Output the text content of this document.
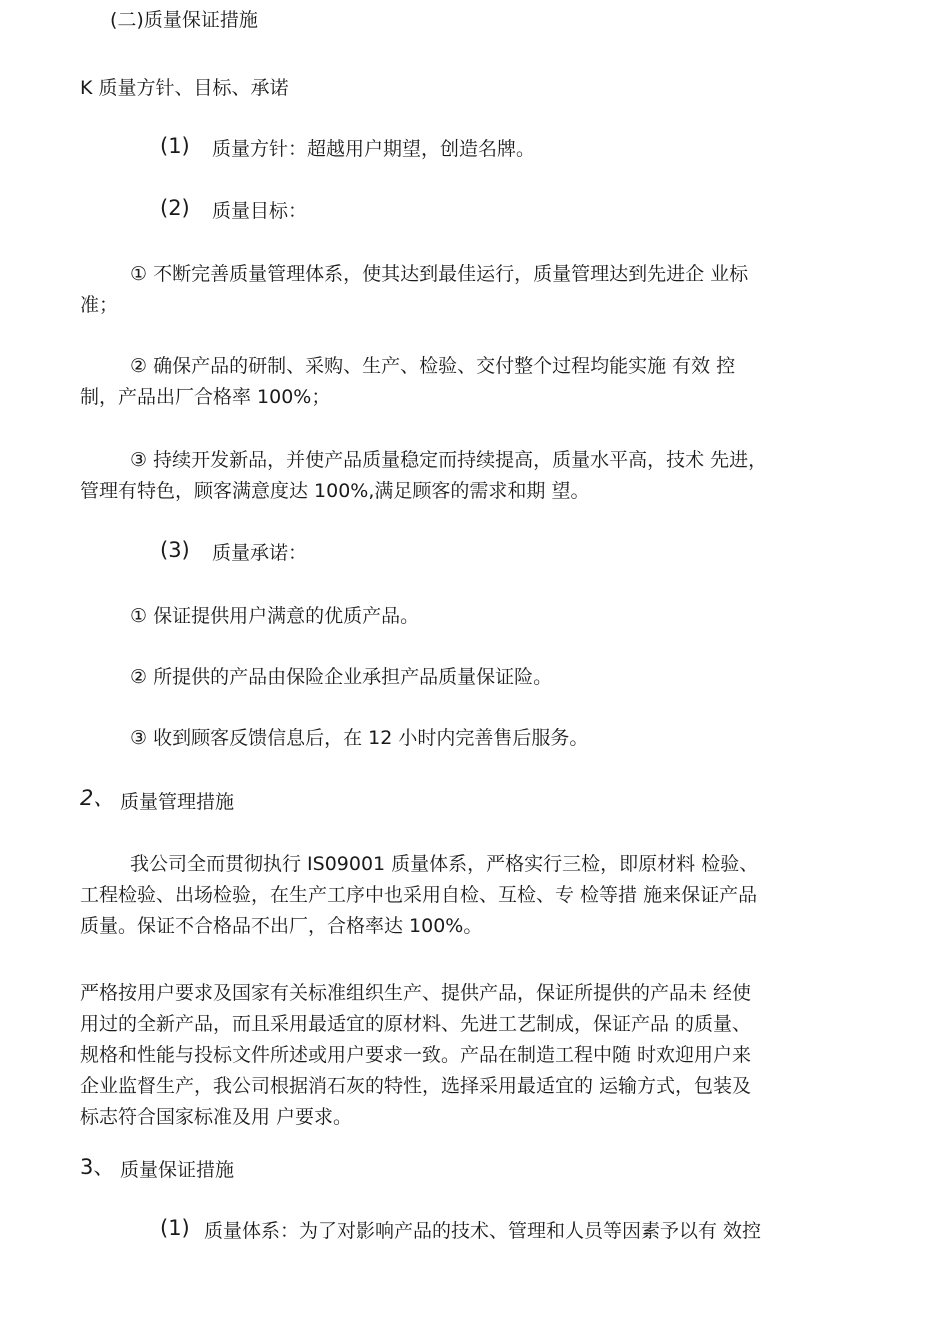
(二)质量保证措施
K 质量方针、目标、承诺
(1) 质量方针：超越用户期望，创造名牌。
(2) 质量目标：
① 不断完善质量管理体系，使其达到最佳运行，质量管理达到先进企 业标
准；
② 确保产品的研制、采购、生产、检验、交付整个过程均能实施 有效 控
制，产品出厂合格率 100%；
③ 持续开发新品，并使产品质量稳定而持续提高，质量水平高，技术 先进，
管理有特色，顾客满意度达 100%,满足顾客的需求和期 望。
(3) 质量承诺：
① 保证提供用户满意的优质产品。
② 所提供的产品由保险企业承担产品质量保证险。
③ 收到顾客反馈信息后，在 12 小时内完善售后服务。
2、 质量管理措施
我公司全而贯彻执行 IS09001 质量体系，严格实行三检，即原材料 检验、
工程检验、出场检验，在生产工序中也采用自检、互检、专 检等措 施来保证产品
质量。保证不合格品不出厂，合格率达 100%。
严格按用户要求及国家有关标准组织生产、提供产品，保证所提供的产品未 经使
用过的全新产品，而且采用最适宜的原材料、先进工艺制成，保证产品 的质量、
规格和性能与投标文件所述或用户要求一致。产品在制造工程中随 时欢迎用户来
企业监督生产，我公司根据消石灰的特性，选择采用最适宜的 运输方式，包装及
标志符合国家标准及用 户要求。
3、 质量保证措施
(1) 质量体系：为了对影响产品的技术、管理和人员等因素予以有 效控
